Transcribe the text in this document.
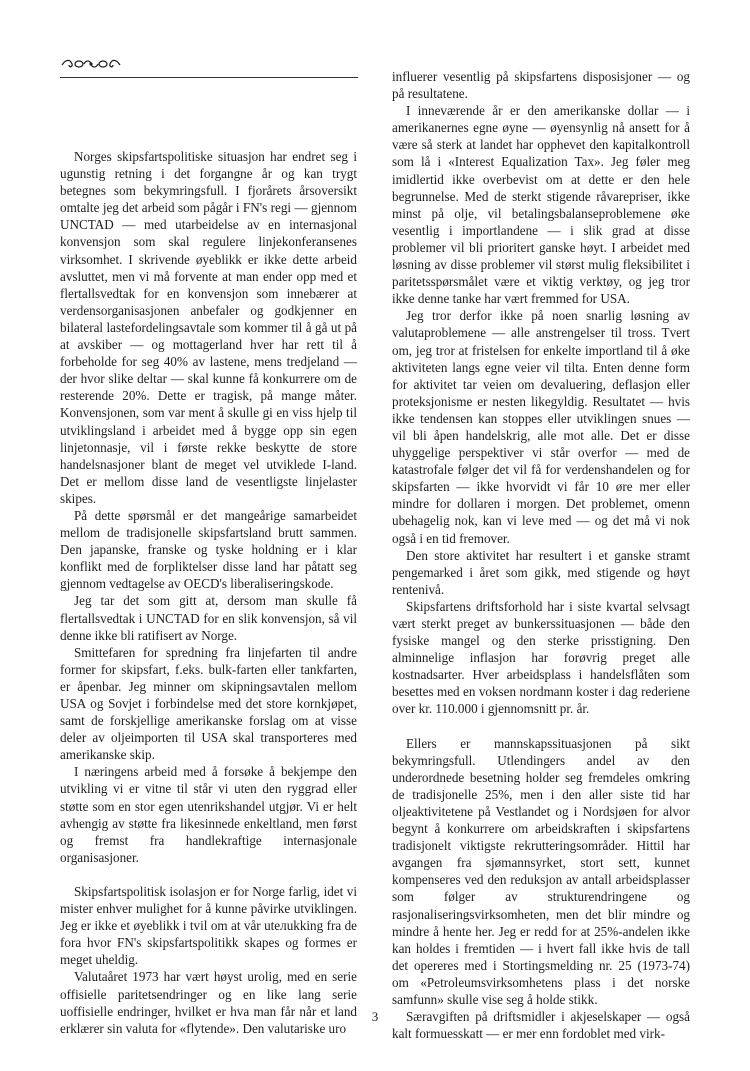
Norges skipsfartspolitiske situasjon har endret seg i ugunstig retning i det forgangne år og kan trygt betegnes som bekymringsfull. I fjorårets årsoversikt omtalte jeg det arbeid som pågår i FN's regi — gjennom UNCTAD — med utarbeidelse av en internasjonal konvensjon som skal regulere linjekonferansenes virksomhet. I skrivende øyeblikk er ikke dette arbeid avsluttet, men vi må forvente at man ender opp med et flertallsvedtak for en konvensjon som innebærer at verdensorganisasjonen anbefaler og godkjenner en bilateral lastefordelingsavtale som kommer til å gå ut på at avskiber — og mottagerland hver har rett til å forbeholde for seg 40% av lastene, mens tredjeland — der hvor slike deltar — skal kunne få konkurrere om de resterende 20%. Dette er tragisk, på mange måter. Konvensjonen, som var ment å skulle gi en viss hjelp til utviklingsland i arbeidet med å bygge opp sin egen linjetonnasje, vil i første rekke beskytte de store handelsnasjoner blant de meget vel utviklede I-land. Det er mellom disse land de vesentligste linjelaster skipes.

På dette spørsmål er det mangeårige samarbeidet mellom de tradisjonelle skipsfartsland brutt sammen. Den japanske, franske og tyske holdning er i klar konflikt med de forpliktelser disse land har påtatt seg gjennom vedtagelse av OECD's liberaliseringskode.

Jeg tar det som gitt at, dersom man skulle få flertallsvedtak i UNCTAD for en slik konvensjon, så vil denne ikke bli ratifisert av Norge.

Smittefaren for spredning fra linjefarten til andre former for skipsfart, f.eks. bulk-farten eller tankfarten, er åpenbar. Jeg minner om skipningsavtalen mellom USA og Sovjet i forbindelse med det store kornkjøpet, samt de forskjellige amerikanske forslag om at visse deler av oljeimporten til USA skal transporteres med amerikanske skip.

I næringens arbeid med å forsøke å bekjempe den utvikling vi er vitne til står vi uten den ryggrad eller støtte som en stor egen utenrikshandel utgjør. Vi er helt avhengig av støtte fra likesinnede enkeltland, men først og fremst fra handlekraftige internasjonale organisasjoner.

Skipsfartspolitisk isolasjon er for Norge farlig, idet vi mister enhver mulighet for å kunne påvirke utviklingen. Jeg er ikke et øyeblikk i tvil om at vår uteлukking fra de fora hvor FN's skipsfartspolitikk skapes og formes er meget uheldig.

Valutaåret 1973 har vært høyst urolig, med en serie offisielle paritetsendringer og en like lang serie uoffisielle endringer, hvilket er hva man får når et land erklærer sin valuta for «flytende». Den valutariske uro

influerer vesentlig på skipsfartens disposisjoner — og på resultatene.

I inneværende år er den amerikanske dollar — i amerikanernes egne øyne — øyensynlig nå ansett for å være så sterk at landet har opphevet den kapitalkontroll som lå i «Interest Equalization Tax». Jeg føler meg imidlertid ikke overbevist om at dette er den hele begrunnelse. Med de sterkt stigende råvarepriser, ikke minst på olje, vil betalingsbalanseproblemene øke vesentlig i importlandene — i slik grad at disse problemer vil bli prioritert ganske høyt. I arbeidet med løsning av disse problemer vil størst mulig fleksibilitet i paritetsspørsmålet være et viktig verktøy, og jeg tror ikke denne tanke har vært fremmed for USA.

Jeg tror derfor ikke på noen snarlig løsning av valutaproblemene — alle anstrengelser til tross. Tvert om, jeg tror at fristelsen for enkelte importland til å øke aktiviteten langs egne veier vil tilta. Enten denne form for aktivitet tar veien om devaluering, deflasjon eller proteksjonisme er nesten likegyldig. Resultatet — hvis ikke tendensen kan stoppes eller utviklingen snues — vil bli åpen handelskrig, alle mot alle. Det er disse uhyggelige perspektiver vi står overfor — med de katastrofale følger det vil få for verdenshandelen og for skipsfarten — ikke hvorvidt vi får 10 øre mer eller mindre for dollaren i morgen. Det problemet, omenn ubehagelig nok, kan vi leve med — og det må vi nok også i en tid fremover.

Den store aktivitet har resultert i et ganske stramt pengemarked i året som gikk, med stigende og høyt rentenivå.

Skipsfartens driftsforhold har i siste kvartal selvsagt vært sterkt preget av bunkerssituasjonen — både den fysiske mangel og den sterke prisstigning. Den alminnelige inflasjon har forøvrig preget alle kostnadsarter. Hver arbeidsplass i handelsflåten som besettes med en voksen nordmann koster i dag rederiene over kr. 110.000 i gjennomsnitt pr. år.

Ellers er mannskapssituasjonen på sikt bekymringsfull. Utlendingers andel av den underordnede besetning holder seg fremdeles omkring de tradisjonelle 25%, men i den aller siste tid har oljeaktivitetene på Vestlandet og i Nordsjøen for alvor begynt å konkurrere om arbeidskraften i skipsfartens tradisjonelt viktigste rekrutteringsområder. Hittil har avgangen fra sjømannsyrket, stort sett, kunnet kompenseres ved den reduksjon av antall arbeidsplasser som følger av strukturendringene og rasjonaliseringsvirksomheten, men det blir mindre og mindre å hente her. Jeg er redd for at 25%-andelen ikke kan holdes i fremtiden — i hvert fall ikke hvis de tall det opereres med i Stortingsmelding nr. 25 (1973-74) om «Petroleumsvirksomhetens plass i det norske samfunn» skulle vise seg å holde stikk.

Særavgiften på driftsmidler i akjeselskaper — også kalt formuesskatt — er mer enn fordoblet med virk-

3
